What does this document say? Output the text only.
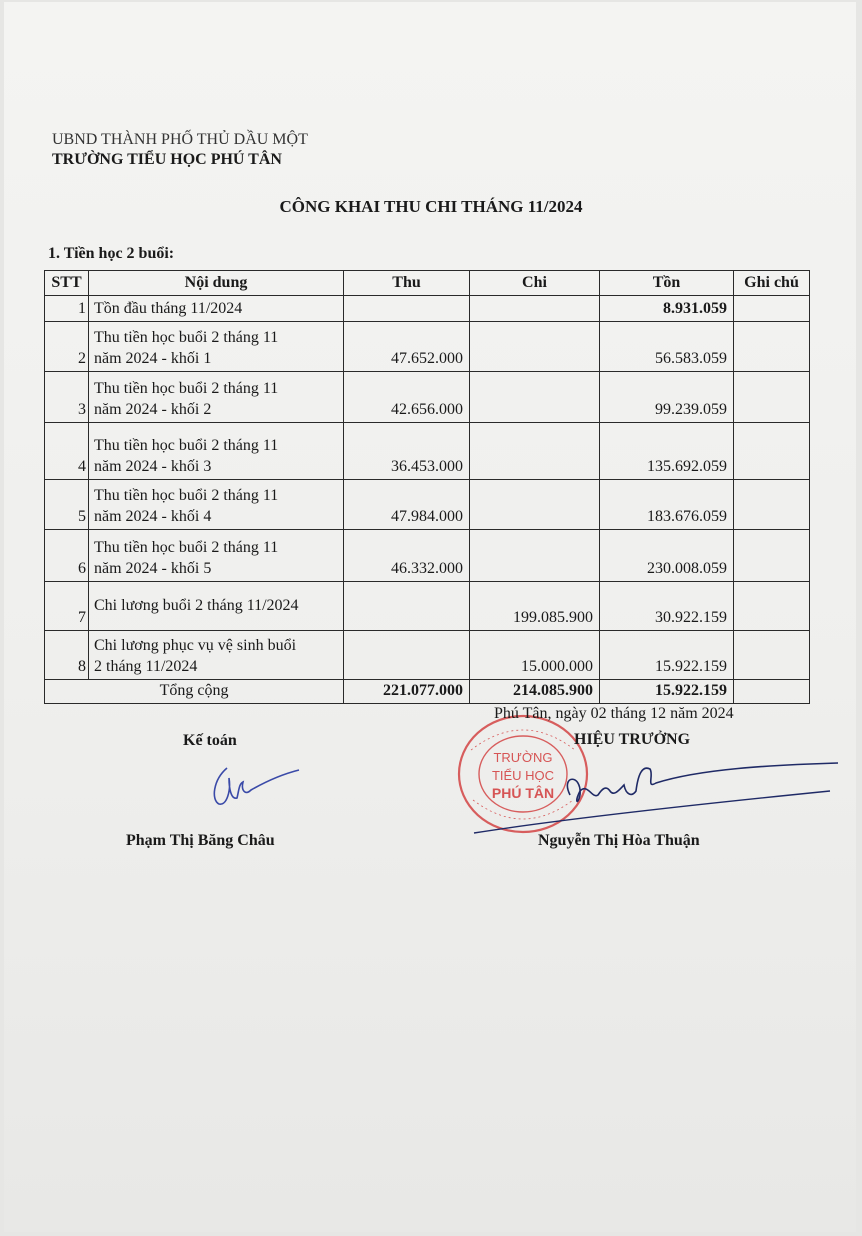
UBND THÀNH PHỐ THỦ DẦU MỘT
TRƯỜNG TIỂU HỌC PHÚ TÂN
CÔNG KHAI THU CHI THÁNG 11/2024
1. Tiền học 2 buổi:
STT	Nội dung	Thu	Chi	Tồn	Ghi chú
1	Tồn đầu tháng 11/2024			8.931.059	
2	Thu tiền học buổi 2 tháng 11
năm 2024 - khối 1	47.652.000		56.583.059	
3	Thu tiền học buổi 2 tháng 11
năm 2024 - khối 2	42.656.000		99.239.059	
4	Thu tiền học buổi 2 tháng 11
năm 2024 - khối 3	36.453.000		135.692.059	
5	Thu tiền học buổi 2 tháng 11
năm 2024 - khối 4	47.984.000		183.676.059	
6	Thu tiền học buổi 2 tháng 11
năm 2024 - khối 5	46.332.000		230.008.059	
7	Chi lương buổi 2 tháng 11/2024		199.085.900	30.922.159	
8	Chi lương phục vụ vệ sinh buổi
2 tháng 11/2024		15.000.000	15.922.159	
Tổng cộng		221.077.000	214.085.900	15.922.159	
TRƯỜNG
TIỂU HỌC
PHÚ TÂN
Phú Tân, ngày 02 tháng 12 năm 2024
Kế toán	HIỆU TRƯỞNG
Phạm Thị Băng Châu	Nguyễn Thị Hòa Thuận
